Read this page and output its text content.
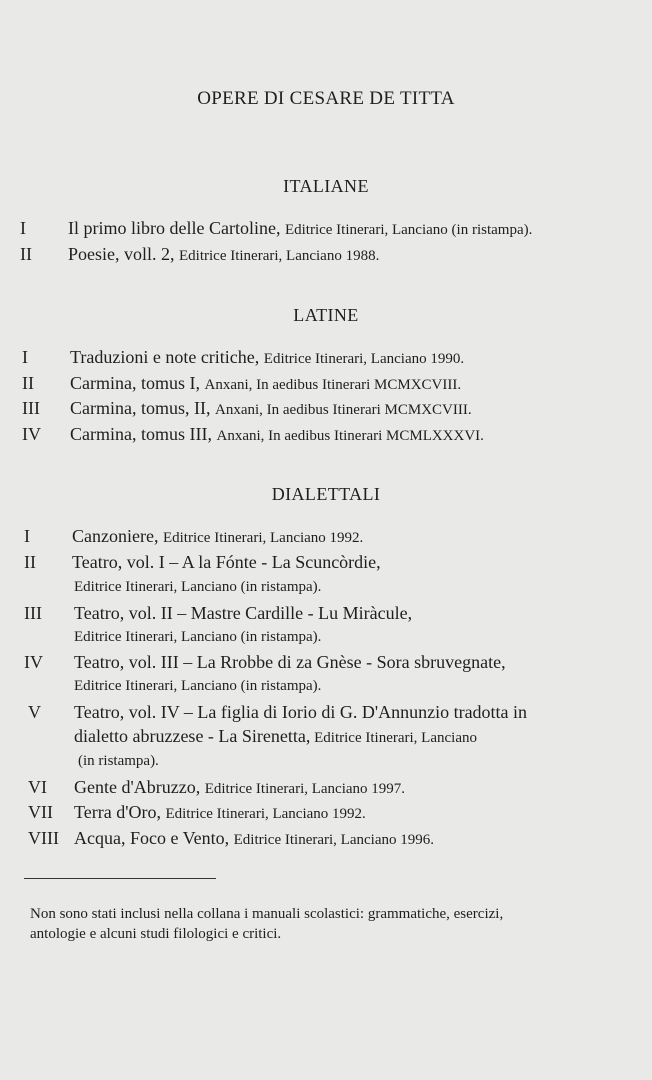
OPERE DI CESARE DE TITTA
ITALIANE
I Il primo libro delle Cartoline, Editrice Itinerari, Lanciano (in ristampa).
II Poesie, voll. 2, Editrice Itinerari, Lanciano 1988.
LATINE
I Traduzioni e note critiche, Editrice Itinerari, Lanciano 1990.
II Carmina, tomus I, Anxani, In aedibus Itinerari MCMXCVIII.
III Carmina, tomus, II, Anxani, In aedibus Itinerari MCMXCVIII.
IV Carmina, tomus III, Anxani, In aedibus Itinerari MCMLXXXVI.
DIALETTALI
I Canzoniere, Editrice Itinerari, Lanciano 1992.
II Teatro, vol. I – A la Fónte - La Scuncòrdie,
Editrice Itinerari, Lanciano (in ristampa).
III Teatro, vol. II – Mastre Cardille - Lu Miràcule,
Editrice Itinerari, Lanciano (in ristampa).
IV Teatro, vol. III – La Rrobbe di za Gnèse - Sora sbruvegnate,
Editrice Itinerari, Lanciano (in ristampa).
V Teatro, vol. IV – La figlia di Iorio di G. D'Annunzio tradotta in
dialetto abruzzese - La Sirenetta, Editrice Itinerari, Lanciano
(in ristampa).
VI Gente d'Abruzzo, Editrice Itinerari, Lanciano 1997.
VII Terra d'Oro, Editrice Itinerari, Lanciano 1992.
VIII Acqua, Foco e Vento, Editrice Itinerari, Lanciano 1996.
Non sono stati inclusi nella collana i manuali scolastici: grammatiche, esercizi,
antologie e alcuni studi filologici e critici.
